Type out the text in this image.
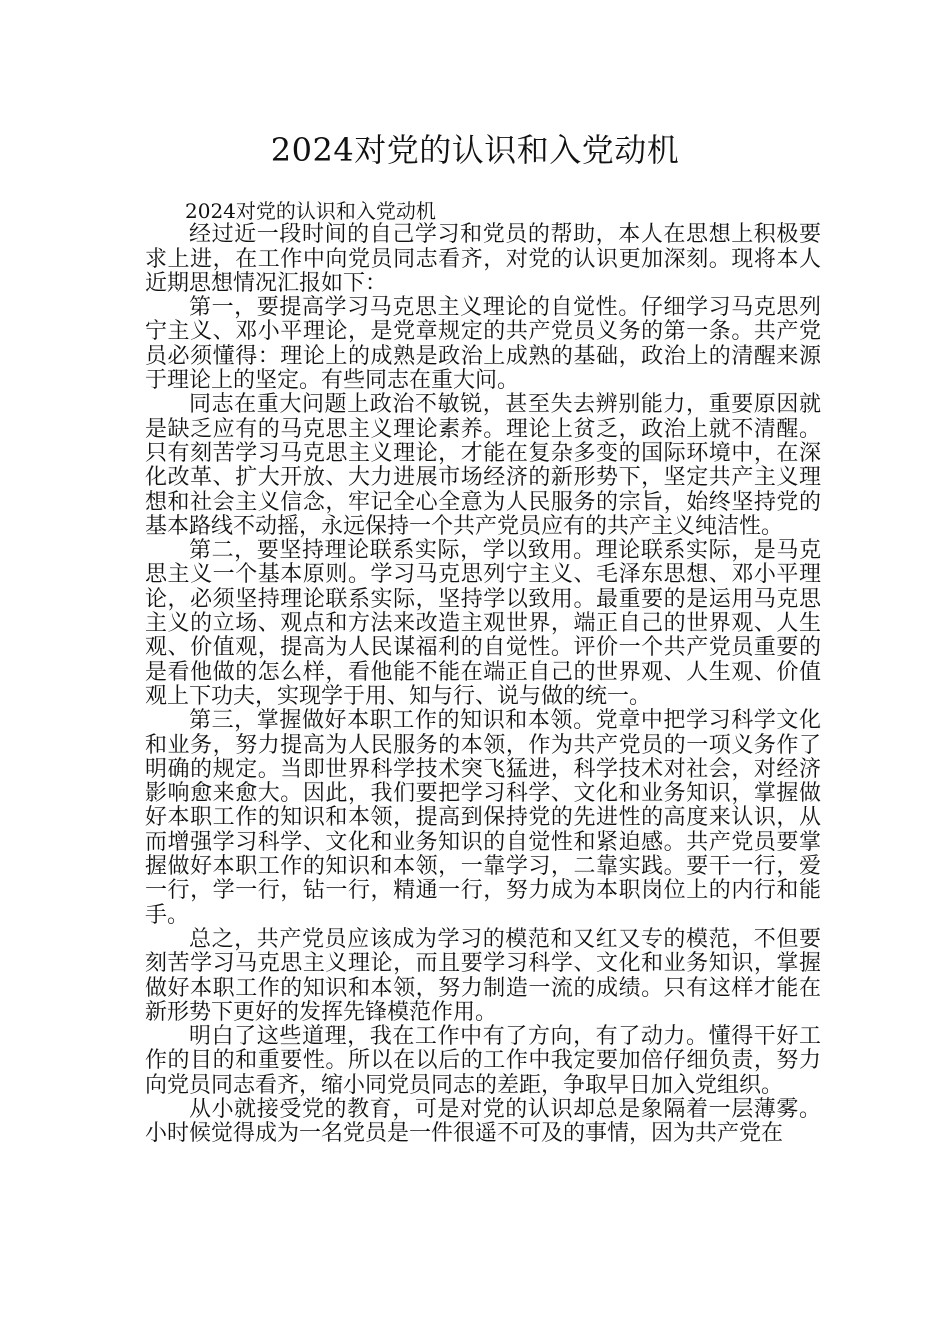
2024对党的认识和入党动机

2024对党的认识和入党动机

经过近一段时间的自己学习和党员的帮助，本人在思想上积极要求上进，在工作中向党员同志看齐，对党的认识更加深刻。现将本人近期思想情况汇报如下：

第一，要提高学习马克思主义理论的自觉性。仔细学习马克思列宁主义、邓小平理论，是党章规定的共产党员义务的第一条。共产党员必须懂得：理论上的成熟是政治上成熟的基础，政治上的清醒来源于理论上的坚定。有些同志在重大问。

同志在重大问题上政治不敏锐，甚至失去辨别能力，重要原因就是缺乏应有的马克思主义理论素养。理论上贫乏，政治上就不清醒。只有刻苦学习马克思主义理论，才能在复杂多变的国际环境中，在深化改革、扩大开放、大力进展市场经济的新形势下，坚定共产主义理想和社会主义信念，牢记全心全意为人民服务的宗旨，始终坚持党的基本路线不动摇，永远保持一个共产党员应有的共产主义纯洁性。

第二，要坚持理论联系实际，学以致用。理论联系实际，是马克思主义一个基本原则。学习马克思列宁主义、毛泽东思想、邓小平理论，必须坚持理论联系实际，坚持学以致用。最重要的是运用马克思主义的立场、观点和方法来改造主观世界，端正自己的世界观、人生观、价值观，提高为人民谋福利的自觉性。评价一个共产党员重要的是看他做的怎么样，看他能不能在端正自己的世界观、人生观、价值观上下功夫，实现学于用、知与行、说与做的统一。

第三，掌握做好本职工作的知识和本领。党章中把学习科学文化和业务，努力提高为人民服务的本领，作为共产党员的一项义务作了明确的规定。当即世界科学技术突飞猛进，科学技术对社会，对经济影响愈来愈大。因此，我们要把学习科学、文化和业务知识，掌握做好本职工作的知识和本领，提高到保持党的先进性的高度来认识，从而增强学习科学、文化和业务知识的自觉性和紧迫感。共产党员要掌握做好本职工作的知识和本领，一靠学习，二靠实践。要干一行，爱一行，学一行，钻一行，精通一行，努力成为本职岗位上的内行和能手。

总之，共产党员应该成为学习的模范和又红又专的模范，不但要刻苦学习马克思主义理论，而且要学习科学、文化和业务知识，掌握做好本职工作的知识和本领，努力制造一流的成绩。只有这样才能在新形势下更好的发挥先锋模范作用。

明白了这些道理，我在工作中有了方向，有了动力。懂得干好工作的目的和重要性。所以在以后的工作中我定要加倍仔细负责，努力向党员同志看齐，缩小同党员同志的差距，争取早日加入党组织。

从小就接受党的教育，可是对党的认识却总是象隔着一层薄雾。小时候觉得成为一名党员是一件很遥不可及的事情，因为共产党在
